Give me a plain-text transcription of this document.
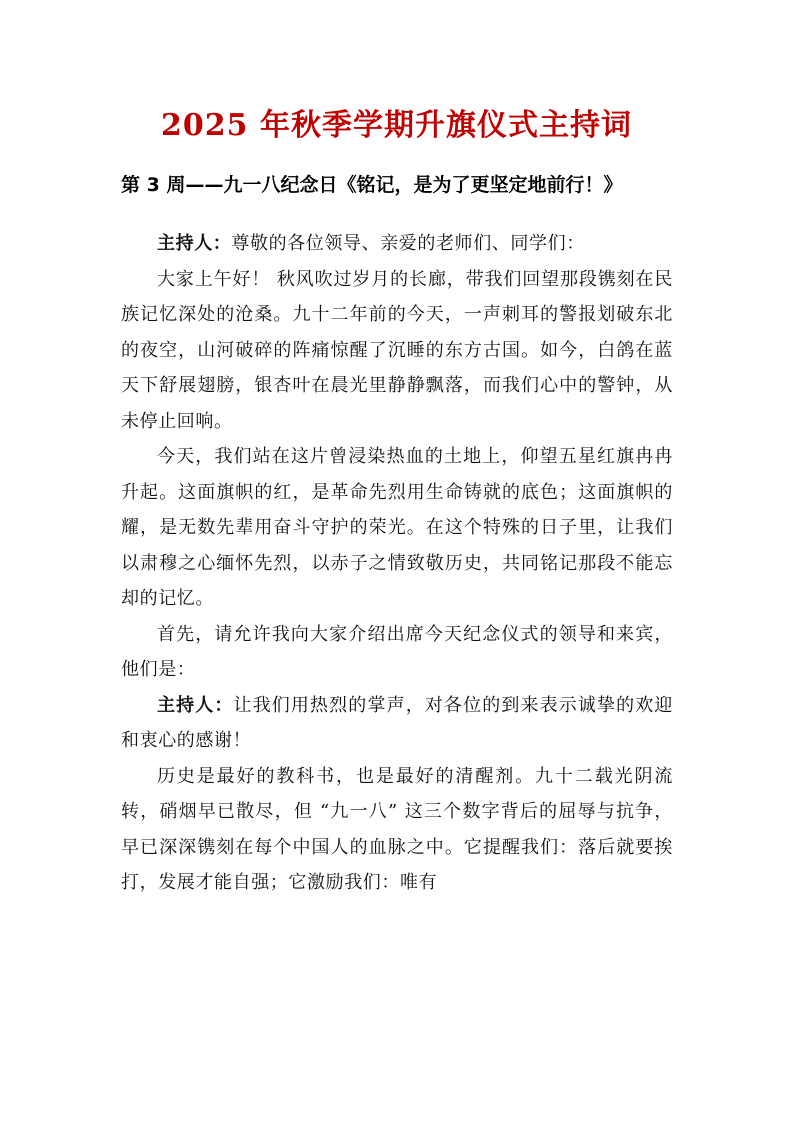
2025 年秋季学期升旗仪式主持词
第 3 周——九一八纪念日《铭记，是为了更坚定地前行！》

主持人：尊敬的各位领导、亲爱的老师们、同学们：

大家上午好！ 秋风吹过岁月的长廊，带我们回望那段镌刻在民族记忆深处的沧桑。九十二年前的今天，一声刺耳的警报划破东北的夜空，山河破碎的阵痛惊醒了沉睡的东方古国。如今，白鸽在蓝天下舒展翅膀，银杏叶在晨光里静静飘落，而我们心中的警钟，从未停止回响。

今天，我们站在这片曾浸染热血的土地上，仰望五星红旗冉冉升起。这面旗帜的红，是革命先烈用生命铸就的底色；这面旗帜的耀，是无数先辈用奋斗守护的荣光。在这个特殊的日子里，让我们以肃穆之心缅怀先烈，以赤子之情致敬历史，共同铭记那段不能忘却的记忆。

首先，请允许我向大家介绍出席今天纪念仪式的领导和来宾，他们是：

主持人：让我们用热烈的掌声，对各位的到来表示诚挚的欢迎和衷心的感谢！

历史是最好的教科书，也是最好的清醒剂。九十二载光阴流转，硝烟早已散尽，但 “九一八” 这三个数字背后的屈辱与抗争，早已深深镌刻在每个中国人的血脉之中。它提醒我们：落后就要挨打，发展才能自强；它激励我们：唯有
